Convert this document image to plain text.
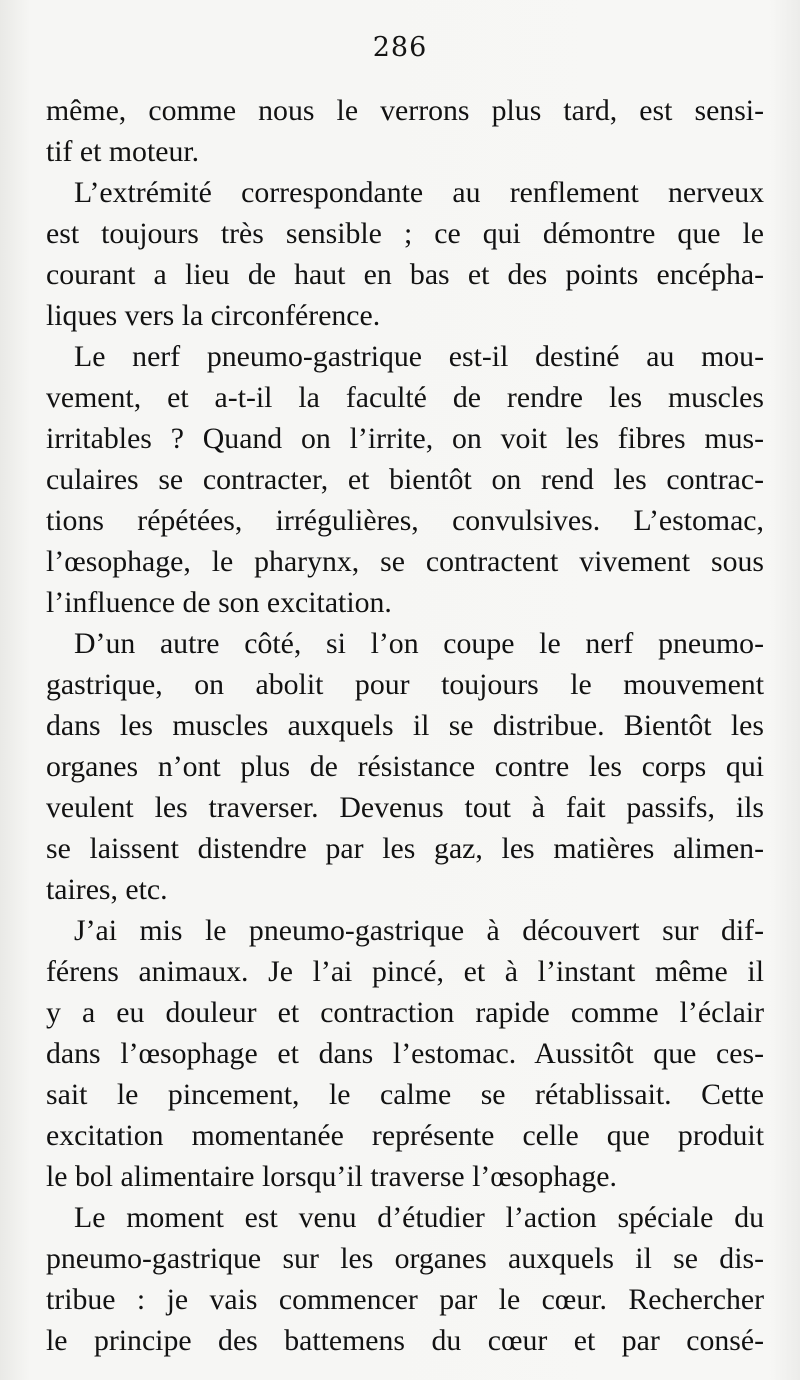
286
même, comme nous le verrons plus tard, est sensi-
tif et moteur.
L’extrémité correspondante au renflement nerveux
est toujours très sensible ; ce qui démontre que le
courant a lieu de haut en bas et des points encépha-
liques vers la circonférence.
Le nerf pneumo-gastrique est-il destiné au mou-
vement, et a-t-il la faculté de rendre les muscles
irritables ? Quand on l’irrite, on voit les fibres mus-
culaires se contracter, et bientôt on rend les contrac-
tions répétées, irrégulières, convulsives. L’estomac,
l’œsophage, le pharynx, se contractent vivement sous
l’influence de son excitation.
D’un autre côté, si l’on coupe le nerf pneumo-
gastrique, on abolit pour toujours le mouvement
dans les muscles auxquels il se distribue. Bientôt les
organes n’ont plus de résistance contre les corps qui
veulent les traverser. Devenus tout à fait passifs, ils
se laissent distendre par les gaz, les matières alimen-
taires, etc.
J’ai mis le pneumo-gastrique à découvert sur dif-
férens animaux. Je l’ai pincé, et à l’instant même il
y a eu douleur et contraction rapide comme l’éclair
dans l’œsophage et dans l’estomac. Aussitôt que ces-
sait le pincement, le calme se rétablissait. Cette
excitation momentanée représente celle que produit
le bol alimentaire lorsqu’il traverse l’œsophage.
Le moment est venu d’étudier l’action spéciale du
pneumo-gastrique sur les organes auxquels il se dis-
tribue : je vais commencer par le cœur. Rechercher
le principe des battemens du cœur et par consé-
